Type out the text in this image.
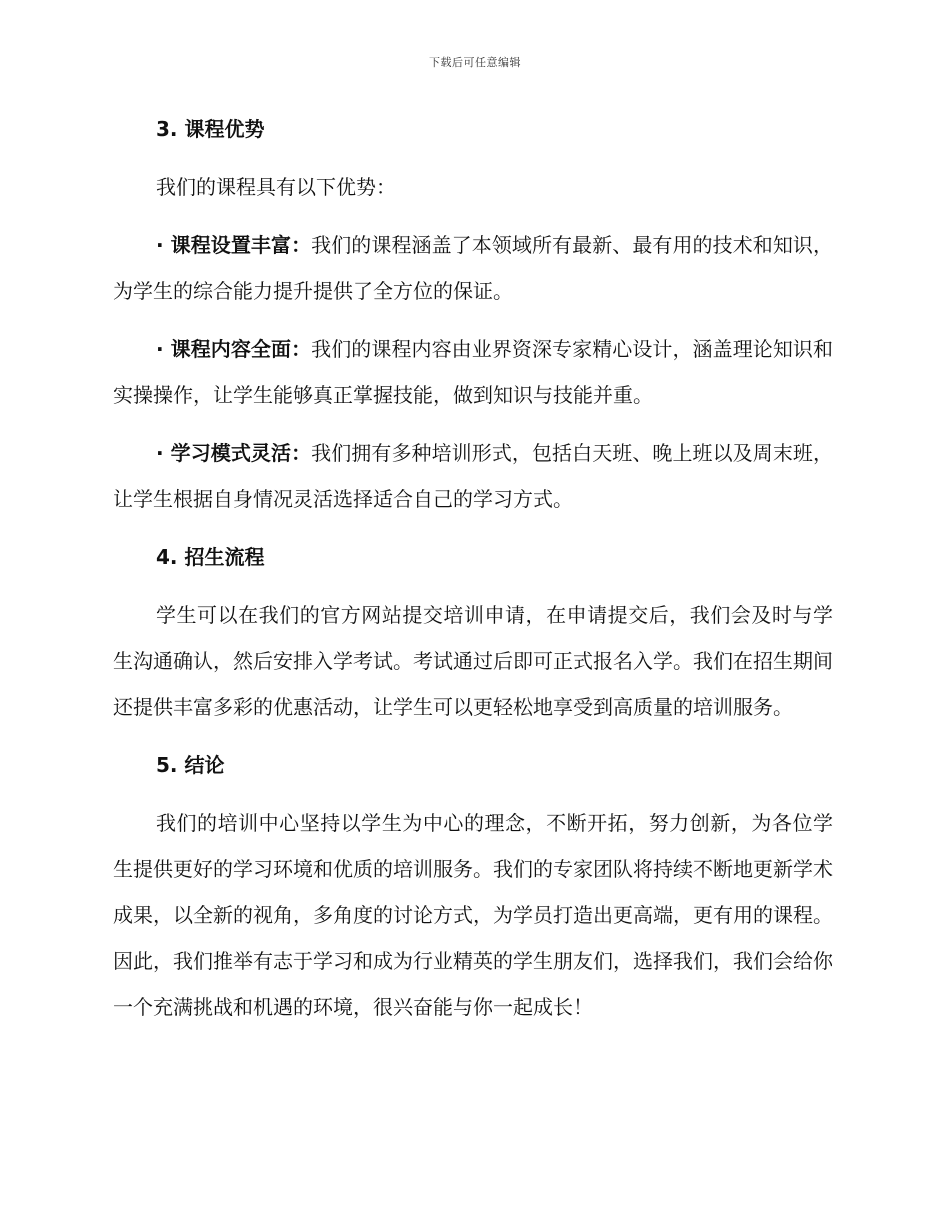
下载后可任意编辑

3. 课程优势

我们的课程具有以下优势：

· 课程设置丰富：我们的课程涵盖了本领域所有最新、最有用的技术和知识，为学生的综合能力提升提供了全方位的保证。

· 课程内容全面：我们的课程内容由业界资深专家精心设计，涵盖理论知识和实操操作，让学生能够真正掌握技能，做到知识与技能并重。

· 学习模式灵活：我们拥有多种培训形式，包括白天班、晚上班以及周末班，让学生根据自身情况灵活选择适合自己的学习方式。

4. 招生流程

学生可以在我们的官方网站提交培训申请，在申请提交后，我们会及时与学生沟通确认，然后安排入学考试。考试通过后即可正式报名入学。我们在招生期间还提供丰富多彩的优惠活动，让学生可以更轻松地享受到高质量的培训服务。

5. 结论

我们的培训中心坚持以学生为中心的理念，不断开拓，努力创新，为各位学生提供更好的学习环境和优质的培训服务。我们的专家团队将持续不断地更新学术成果，以全新的视角，多角度的讨论方式，为学员打造出更高端，更有用的课程。因此，我们推举有志于学习和成为行业精英的学生朋友们，选择我们，我们会给你一个充满挑战和机遇的环境，很兴奋能与你一起成长！
